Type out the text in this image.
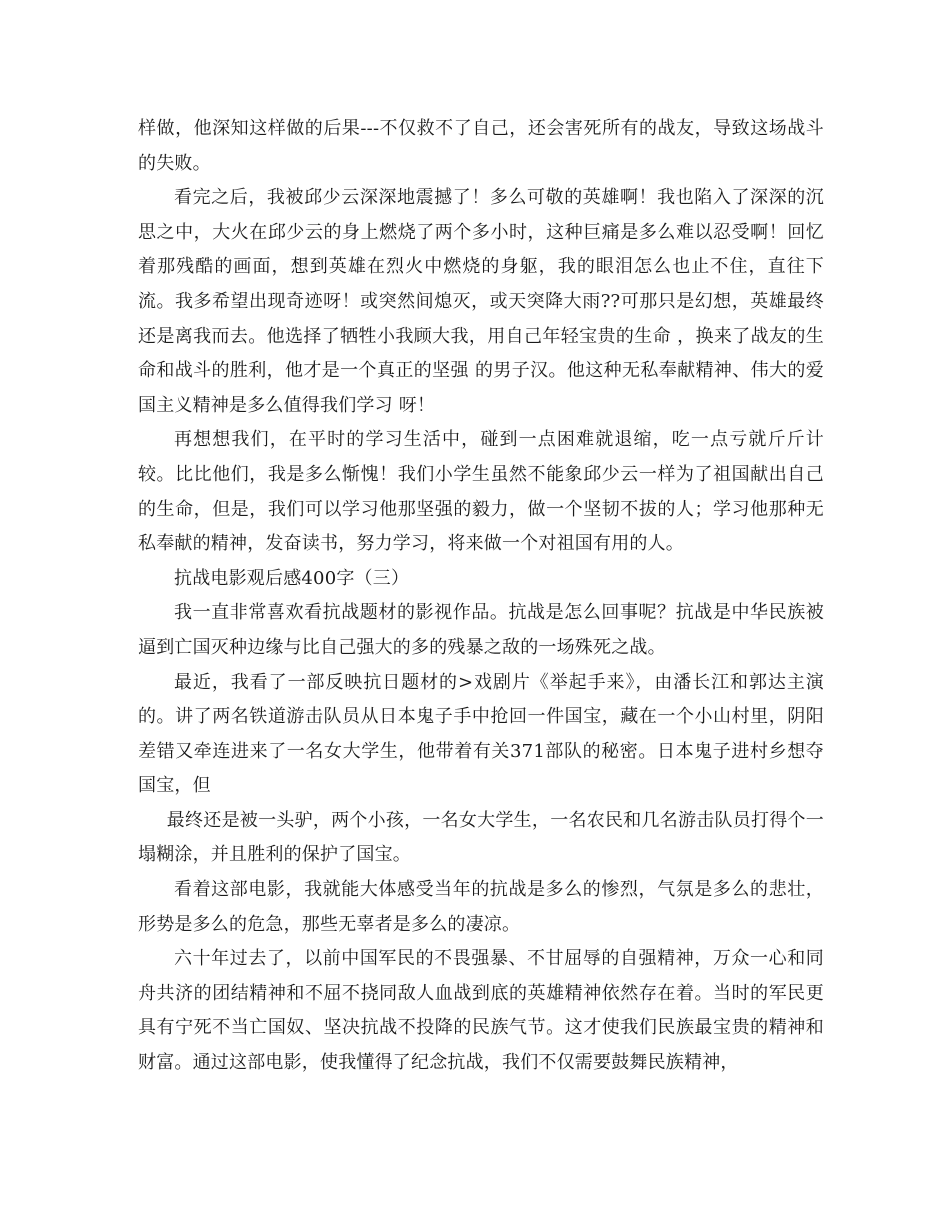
样做，他深知这样做的后果---不仅救不了自己，还会害死所有的战友，导致这场战斗的失败。

看完之后，我被邱少云深深地震撼了！多么可敬的英雄啊！我也陷入了深深的沉思之中，大火在邱少云的身上燃烧了两个多小时，这种巨痛是多么难以忍受啊！回忆着那残酷的画面，想到英雄在烈火中燃烧的身躯，我的眼泪怎么也止不住，直往下流。我多希望出现奇迹呀！或突然间熄灭，或天突降大雨??可那只是幻想，英雄最终还是离我而去。他选择了牺牲小我顾大我，用自己年轻宝贵的生命 ，换来了战友的生命和战斗的胜利，他才是一个真正的坚强 的男子汉。他这种无私奉献精神、伟大的爱国主义精神是多么值得我们学习 呀！

再想想我们，在平时的学习生活中，碰到一点困难就退缩，吃一点亏就斤斤计较。比比他们，我是多么惭愧！我们小学生虽然不能象邱少云一样为了祖国献出自己的生命，但是，我们可以学习他那坚强的毅力，做一个坚韧不拔的人；学习他那种无私奉献的精神，发奋读书，努力学习，将来做一个对祖国有用的人。

抗战电影观后感400字（三）

我一直非常喜欢看抗战题材的影视作品。抗战是怎么回事呢？抗战是中华民族被逼到亡国灭种边缘与比自己强大的多的残暴之敌的一场殊死之战。

最近，我看了一部反映抗日题材的>戏剧片《举起手来》，由潘长江和郭达主演的。讲了两名铁道游击队员从日本鬼子手中抢回一件国宝，藏在一个小山村里，阴阳差错又牵连进来了一名女大学生，他带着有关371部队的秘密。日本鬼子进村乡想夺国宝，但

最终还是被一头驴，两个小孩，一名女大学生，一名农民和几名游击队员打得个一塌糊涂，并且胜利的保护了国宝。

看着这部电影，我就能大体感受当年的抗战是多么的惨烈，气氛是多么的悲壮，形势是多么的危急，那些无辜者是多么的凄凉。

六十年过去了，以前中国军民的不畏强暴、不甘屈辱的自强精神，万众一心和同舟共济的团结精神和不屈不挠同敌人血战到底的英雄精神依然存在着。当时的军民更具有宁死不当亡国奴、坚决抗战不投降的民族气节。这才使我们民族最宝贵的精神和财富。通过这部电影，使我懂得了纪念抗战，我们不仅需要鼓舞民族精神，
